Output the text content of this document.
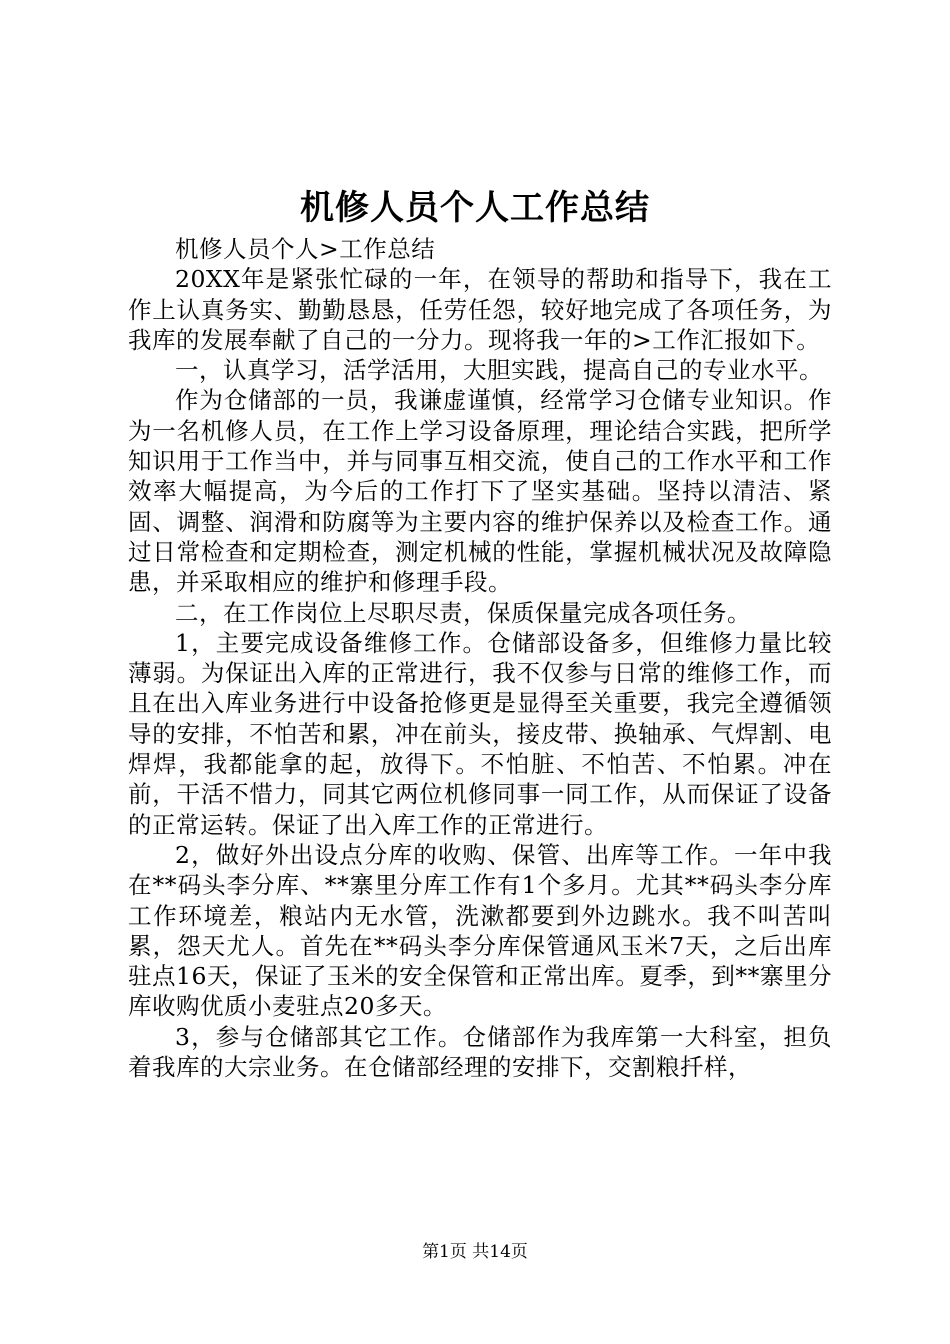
机修人员个人工作总结

机修人员个人>工作总结

20XX年是紧张忙碌的一年，在领导的帮助和指导下，我在工作上认真务实、勤勤恳恳，任劳任怨，较好地完成了各项任务，为我库的发展奉献了自己的一分力。现将我一年的>工作汇报如下。

一，认真学习，活学活用，大胆实践，提高自己的专业水平。

作为仓储部的一员，我谦虚谨慎，经常学习仓储专业知识。作为一名机修人员，在工作上学习设备原理，理论结合实践，把所学知识用于工作当中，并与同事互相交流，使自己的工作水平和工作效率大幅提高，为今后的工作打下了坚实基础。坚持以清洁、紧固、调整、润滑和防腐等为主要内容的维护保养以及检查工作。通过日常检查和定期检查，测定机械的性能，掌握机械状况及故障隐患，并采取相应的维护和修理手段。

二，在工作岗位上尽职尽责，保质保量完成各项任务。

1，主要完成设备维修工作。仓储部设备多，但维修力量比较薄弱。为保证出入库的正常进行，我不仅参与日常的维修工作，而且在出入库业务进行中设备抢修更是显得至关重要，我完全遵循领导的安排，不怕苦和累，冲在前头，接皮带、换轴承、气焊割、电焊焊，我都能拿的起，放得下。不怕脏、不怕苦、不怕累。冲在前，干活不惜力，同其它两位机修同事一同工作，从而保证了设备的正常运转。保证了出入库工作的正常进行。

2，做好外出设点分库的收购、保管、出库等工作。一年中我在**码头李分库、**寨里分库工作有1个多月。尤其**码头李分库工作环境差，粮站内无水管，洗漱都要到外边跳水。我不叫苦叫累，怨天尤人。首先在**码头李分库保管通风玉米7天，之后出库驻点16天，保证了玉米的安全保管和正常出库。夏季，到**寨里分库收购优质小麦驻点20多天。

3，参与仓储部其它工作。仓储部作为我库第一大科室，担负着我库的大宗业务。在仓储部经理的安排下，交割粮扦样，

第1页 共14页
